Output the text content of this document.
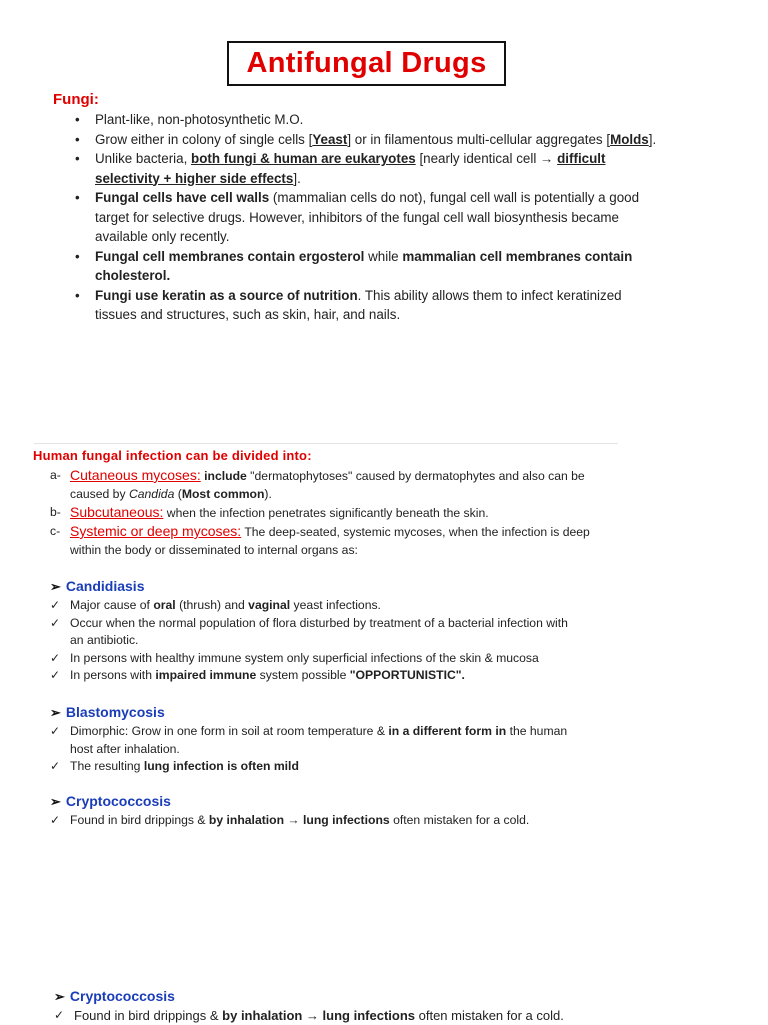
Antifungal Drugs
Fungi:
• Plant-like, non-photosynthetic M.O.
• Grow either in colony of single cells [Yeast] or in filamentous multi-cellular aggregates [Molds].
• Unlike bacteria, both fungi & human are eukaryotes [nearly identical cell → difficult selectivity + higher side effects].
• Fungal cells have cell walls (mammalian cells do not), fungal cell wall is potentially a good target for selective drugs. However, inhibitors of the fungal cell wall biosynthesis became available only recently.
• Fungal cell membranes contain ergosterol while mammalian cell membranes contain cholesterol.
• Fungi use keratin as a source of nutrition. This ability allows them to infect keratinized tissues and structures, such as skin, hair, and nails.
Human fungal infection can be divided into:
a- Cutaneous mycoses: include "dermatophytoses" caused by dermatophytes and also can be caused by Candida (Most common).
b- Subcutaneous: when the infection penetrates significantly beneath the skin.
c- Systemic or deep mycoses: The deep-seated, systemic mycoses, when the infection is deep within the body or disseminated to internal organs as:
➢ Candidiasis
✓ Major cause of oral (thrush) and vaginal yeast infections.
✓ Occur when the normal population of flora disturbed by treatment of a bacterial infection with an antibiotic.
✓ In persons with healthy immune system only superficial infections of the skin & mucosa
✓ In persons with impaired immune system possible "OPPORTUNISTIC".
➢ Blastomycosis
✓ Dimorphic: Grow in one form in soil at room temperature & in a different form in the human host after inhalation.
✓ The resulting lung infection is often mild
➢ Cryptococcosis
✓ Found in bird drippings & by inhalation → lung infections often mistaken for a cold.
➢ Cryptococcosis
✓ Found in bird drippings & by inhalation → lung infections often mistaken for a cold.
